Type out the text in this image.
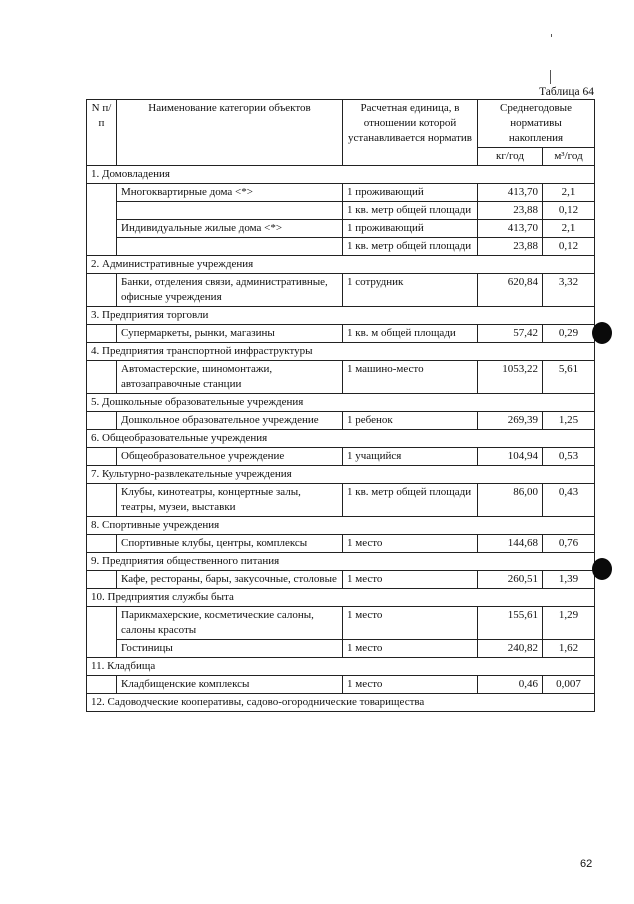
Таблица 64
N п/п	Наименование категории объектов	Расчетная единица, в отношении которой устанавливается норматив	Среднегодовые нормативы накопления	
			кг/год	м³/год
1. Домовладения				
	Многоквартирные дома <*>	1 проживающий	413,70	2,1
		1 кв. метр общей площади	23,88	0,12
	Индивидуальные жилые дома <*>	1 проживающий	413,70	2,1
		1 кв. метр общей площади	23,88	0,12
2. Административные учреждения				
	Банки, отделения связи, административные, офисные учреждения	1 сотрудник	620,84	3,32
3. Предприятия торговли				
	Супермаркеты, рынки, магазины	1 кв. м общей площади	57,42	0,29
4. Предприятия транспортной инфраструктуры				
	Автомастерские, шиномонтажи, автозаправочные станции	1 машино-место	1053,22	5,61
5. Дошкольные образовательные учреждения				
	Дошкольное образовательное учреждение	1 ребенок	269,39	1,25
6. Общеобразовательные учреждения				
	Общеобразовательное учреждение	1 учащийся	104,94	0,53
7. Культурно-развлекательные учреждения				
	Клубы, кинотеатры, концертные залы, театры, музеи, выставки	1 кв. метр общей площади	86,00	0,43
8. Спортивные учреждения				
	Спортивные клубы, центры, комплексы	1 место	144,68	0,76
9. Предприятия общественного питания				
	Кафе, рестораны, бары, закусочные, столовые	1 место	260,51	1,39
10. Предприятия службы быта				
	Парикмахерские, косметические салоны, салоны красоты	1 место	155,61	1,29
	Гостиницы	1 место	240,82	1,62
11. Кладбища				
	Кладбищенские комплексы	1 место	0,46	0,007
12. Садоводческие кооперативы, садово-огороднические товарищества				
62
